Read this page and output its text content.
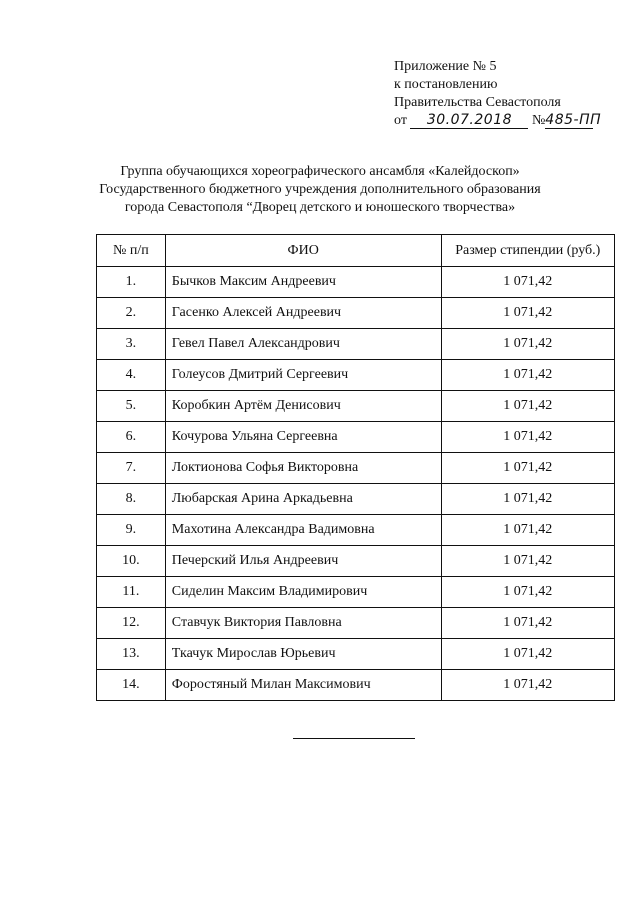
Приложение № 5
к постановлению
Правительства Севастополя
от 30.07.2018 №485-ПП
Группа обучающихся хореографического ансамбля «Калейдоскоп»
Государственного бюджетного учреждения дополнительного образования
города Севастополя “Дворец детского и юношеского творчества»
№ п/п	ФИО	Размер стипендии (руб.)
1.	Бычков Максим Андреевич	1 071,42
2.	Гасенко Алексей Андреевич	1 071,42
3.	Гевел Павел Александрович	1 071,42
4.	Голеусов Дмитрий Сергеевич	1 071,42
5.	Коробкин Артём Денисович	1 071,42
6.	Кочурова Ульяна Сергеевна	1 071,42
7.	Локтионова Софья Викторовна	1 071,42
8.	Любарская Арина Аркадьевна	1 071,42
9.	Махотина Александра Вадимовна	1 071,42
10.	Печерский Илья Андреевич	1 071,42
11.	Сиделин Максим Владимирович	1 071,42
12.	Ставчук Виктория Павловна	1 071,42
13.	Ткачук Мирослав Юрьевич	1 071,42
14.	Форостяный Милан Максимович	1 071,42
